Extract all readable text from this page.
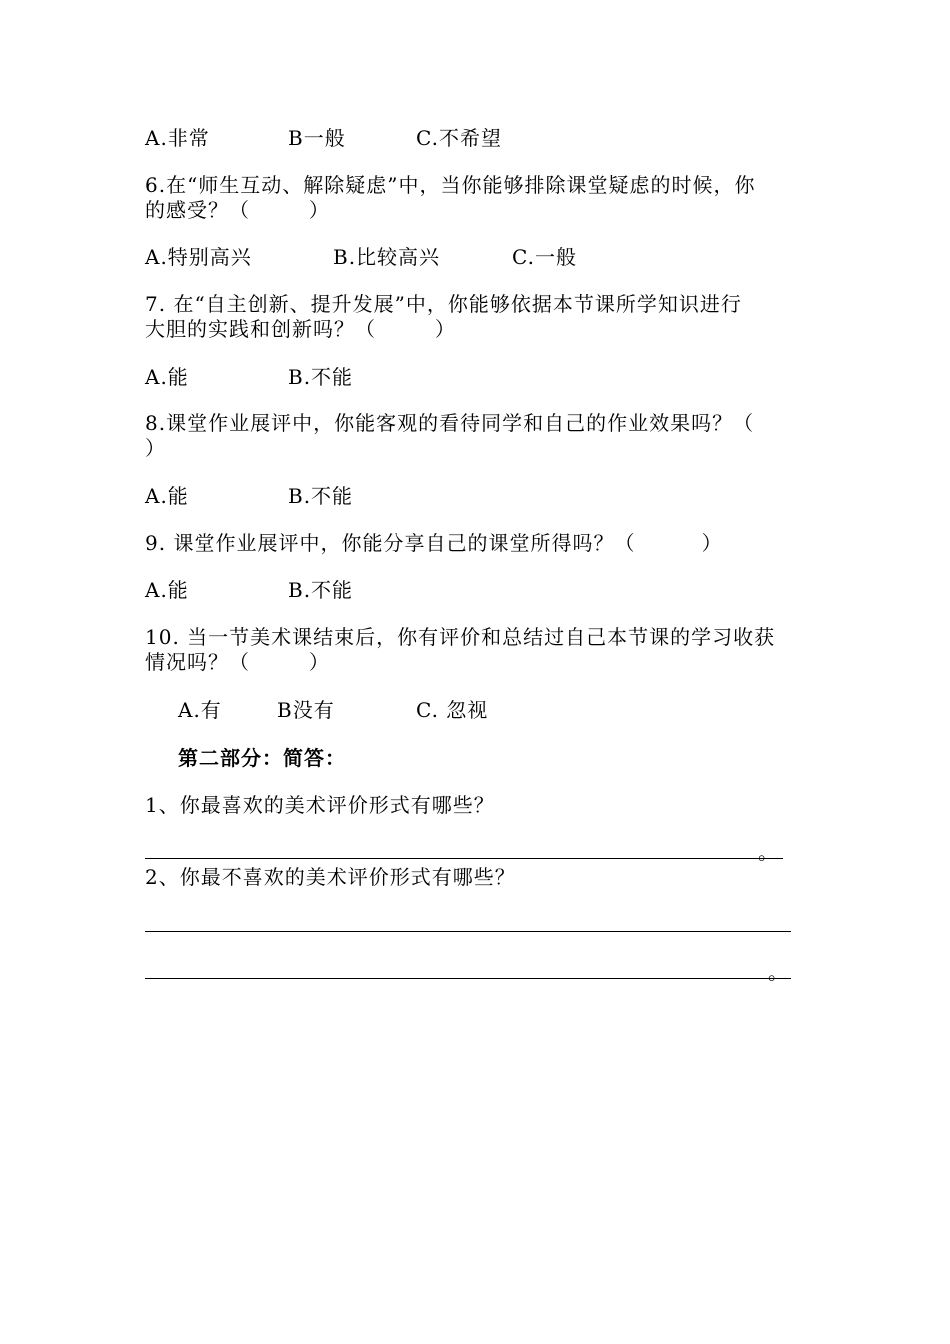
A.非常	B一般	C.不希望

6.在“师生互动、解除疑虑”中，当你能够排除课堂疑虑的时候，你

的感受？（        ）

A.特别高兴	B.比较高兴	C.一般

7. 在“自主创新、提升发展”中，你能够依据本节课所学知识进行

大胆的实践和创新吗？（        ）

A.能	B.不能

8.课堂作业展评中，你能客观的看待同学和自己的作业效果吗？（

）

A.能	B.不能

9. 课堂作业展评中，你能分享自己的课堂所得吗？（         ）

A.能	B.不能

10. 当一节美术课结束后，你有评价和总结过自己本节课的学习收获

情况吗？（        ）

A.有	B没有	C. 忽视
第二部分：简答：

1、你最喜欢的美术评价形式有哪些？

。

2、你最不喜欢的美术评价形式有哪些？

。
